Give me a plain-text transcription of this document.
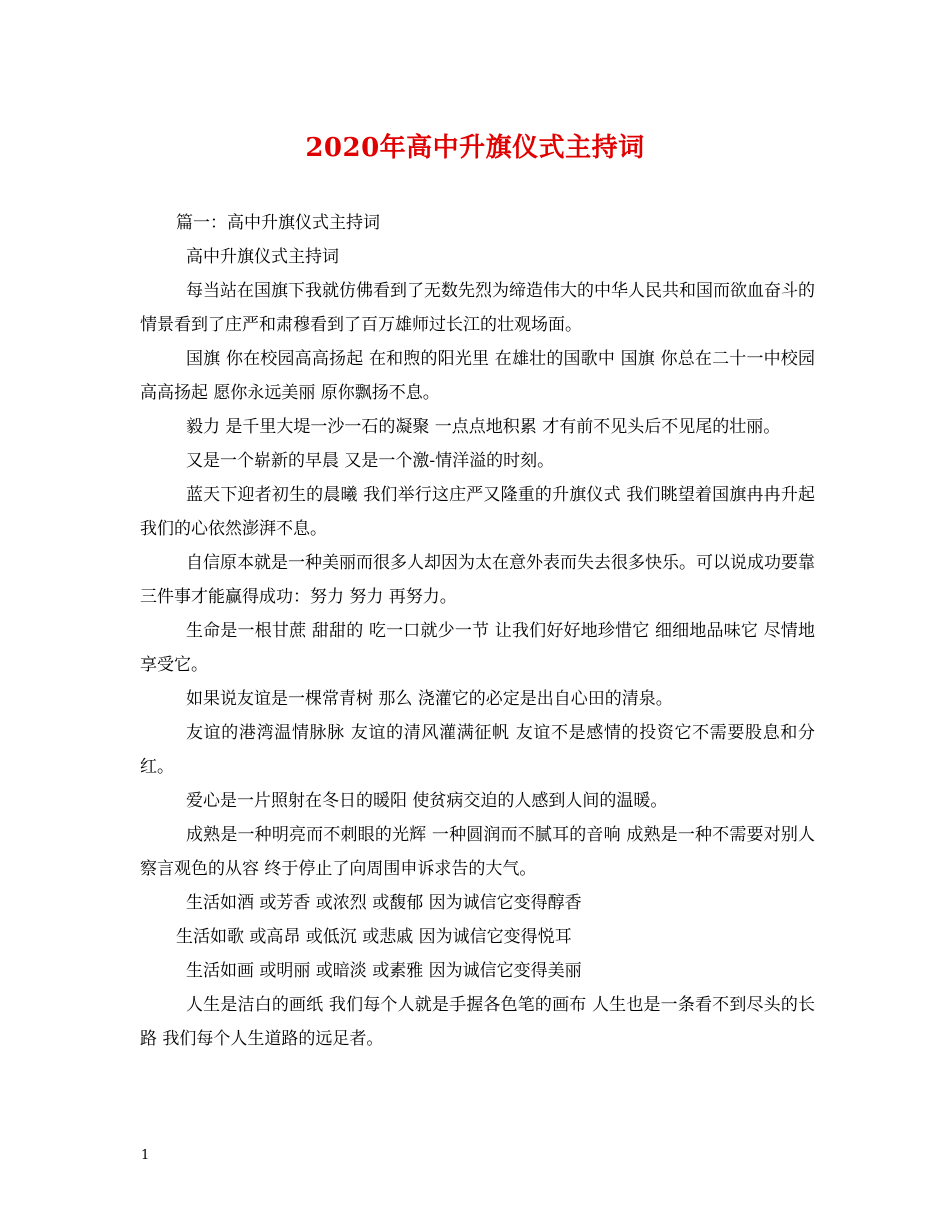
2020年高中升旗仪式主持词

篇一：高中升旗仪式主持词

高中升旗仪式主持词

每当站在国旗下我就仿佛看到了无数先烈为缔造伟大的中华人民共和国而欲血奋斗的情景看到了庄严和肃穆看到了百万雄师过长江的壮观场面。

国旗 你在校园高高扬起 在和煦的阳光里 在雄壮的国歌中 国旗 你总在二十一中校园高高扬起 愿你永远美丽 原你飘扬不息。

毅力 是千里大堤一沙一石的凝聚 一点点地积累 才有前不见头后不见尾的壮丽。

又是一个崭新的早晨 又是一个激-情洋溢的时刻。

蓝天下迎者初生的晨曦 我们举行这庄严又隆重的升旗仪式 我们眺望着国旗冉冉升起 我们的心依然澎湃不息。

自信原本就是一种美丽而很多人却因为太在意外表而失去很多快乐。可以说成功要靠三件事才能赢得成功：努力 努力 再努力。

生命是一根甘蔗 甜甜的 吃一口就少一节 让我们好好地珍惜它 细细地品味它 尽情地享受它。

如果说友谊是一棵常青树 那么 浇灌它的必定是出自心田的清泉。

友谊的港湾温情脉脉 友谊的清风灌满征帆 友谊不是感情的投资它不需要股息和分红。

爱心是一片照射在冬日的暖阳 使贫病交迫的人感到人间的温暖。

成熟是一种明亮而不刺眼的光辉 一种圆润而不腻耳的音响 成熟是一种不需要对别人察言观色的从容 终于停止了向周围申诉求告的大气。

生活如酒 或芳香 或浓烈 或馥郁 因为诚信它变得醇香

生活如歌 或高昂 或低沉 或悲戚 因为诚信它变得悦耳

生活如画 或明丽 或暗淡 或素雅 因为诚信它变得美丽

人生是洁白的画纸 我们每个人就是手握各色笔的画布 人生也是一条看不到尽头的长路 我们每个人生道路的远足者。

1
